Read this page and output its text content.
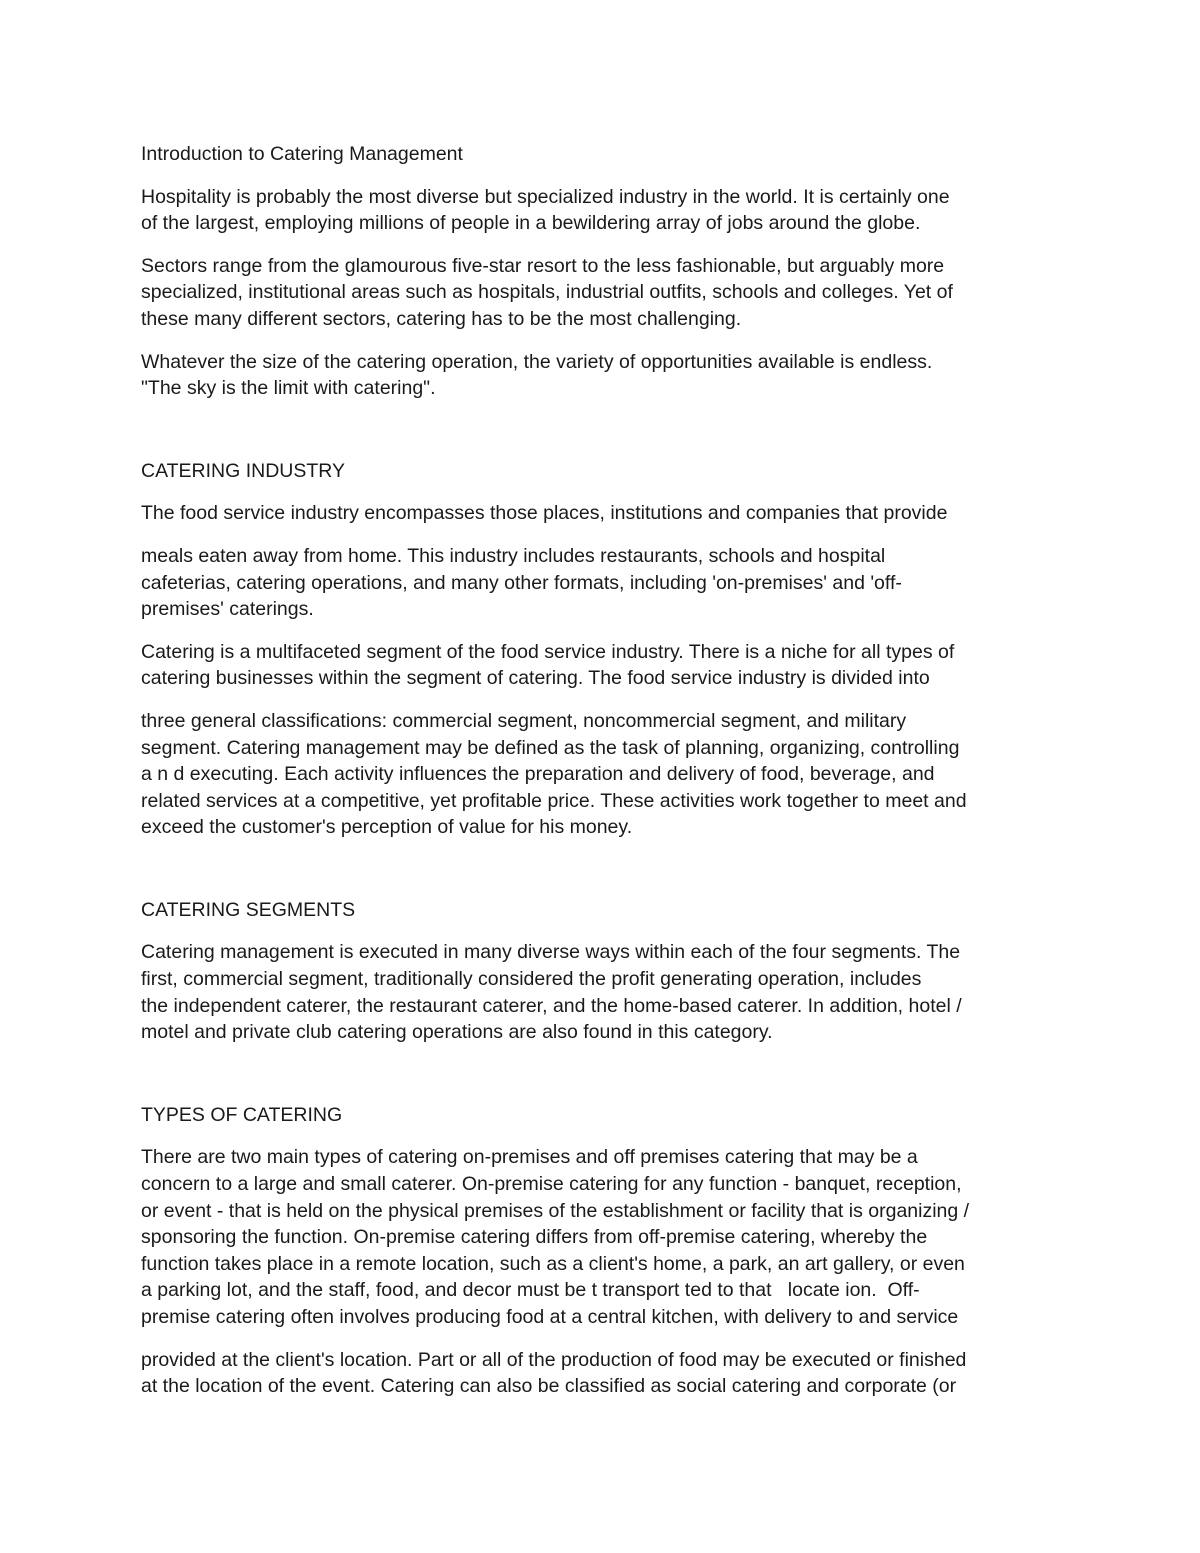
Introduction to Catering Management
Hospitality is probably the most diverse but specialized industry in the world. It is certainly one
of the largest, employing millions of people in a bewildering array of jobs around the globe.
Sectors range from the glamourous five-star resort to the less fashionable, but arguably more
specialized, institutional areas such as hospitals, industrial outfits, schools and colleges. Yet of
these many different sectors, catering has to be the most challenging.
Whatever the size of the catering operation, the variety of opportunities available is endless.
"The sky is the limit with catering".
CATERING INDUSTRY
The food service industry encompasses those places, institutions and companies that provide
meals eaten away from home. This industry includes restaurants, schools and hospital
cafeterias, catering operations, and many other formats, including 'on-premises' and 'off-
premises' caterings.
Catering is a multifaceted segment of the food service industry. There is a niche for all types of
catering businesses within the segment of catering. The food service industry is divided into
three general classifications: commercial segment, noncommercial segment, and military
segment. Catering management may be defined as the task of planning, organizing, controlling
a n d executing. Each activity influences the preparation and delivery of food, beverage, and
related services at a competitive, yet profitable price. These activities work together to meet and
exceed the customer's perception of value for his money.
CATERING SEGMENTS
Catering management is executed in many diverse ways within each of the four segments. The
first, commercial segment, traditionally considered the profit generating operation, includes
the independent caterer, the restaurant caterer, and the home-based caterer. In addition, hotel /
motel and private club catering operations are also found in this category.
TYPES OF CATERING
There are two main types of catering on-premises and off premises catering that may be a
concern to a large and small caterer. On-premise catering for any function - banquet, reception,
or event - that is held on the physical premises of the establishment or facility that is organizing /
sponsoring the function. On-premise catering differs from off-premise catering, whereby the
function takes place in a remote location, such as a client's home, a park, an art gallery, or even
a parking lot, and the staff, food, and decor must be t transport ted to that   locate ion.  Off-
premise catering often involves producing food at a central kitchen, with delivery to and service
provided at the client's location. Part or all of the production of food may be executed or finished
at the location of the event. Catering can also be classified as social catering and corporate (or
